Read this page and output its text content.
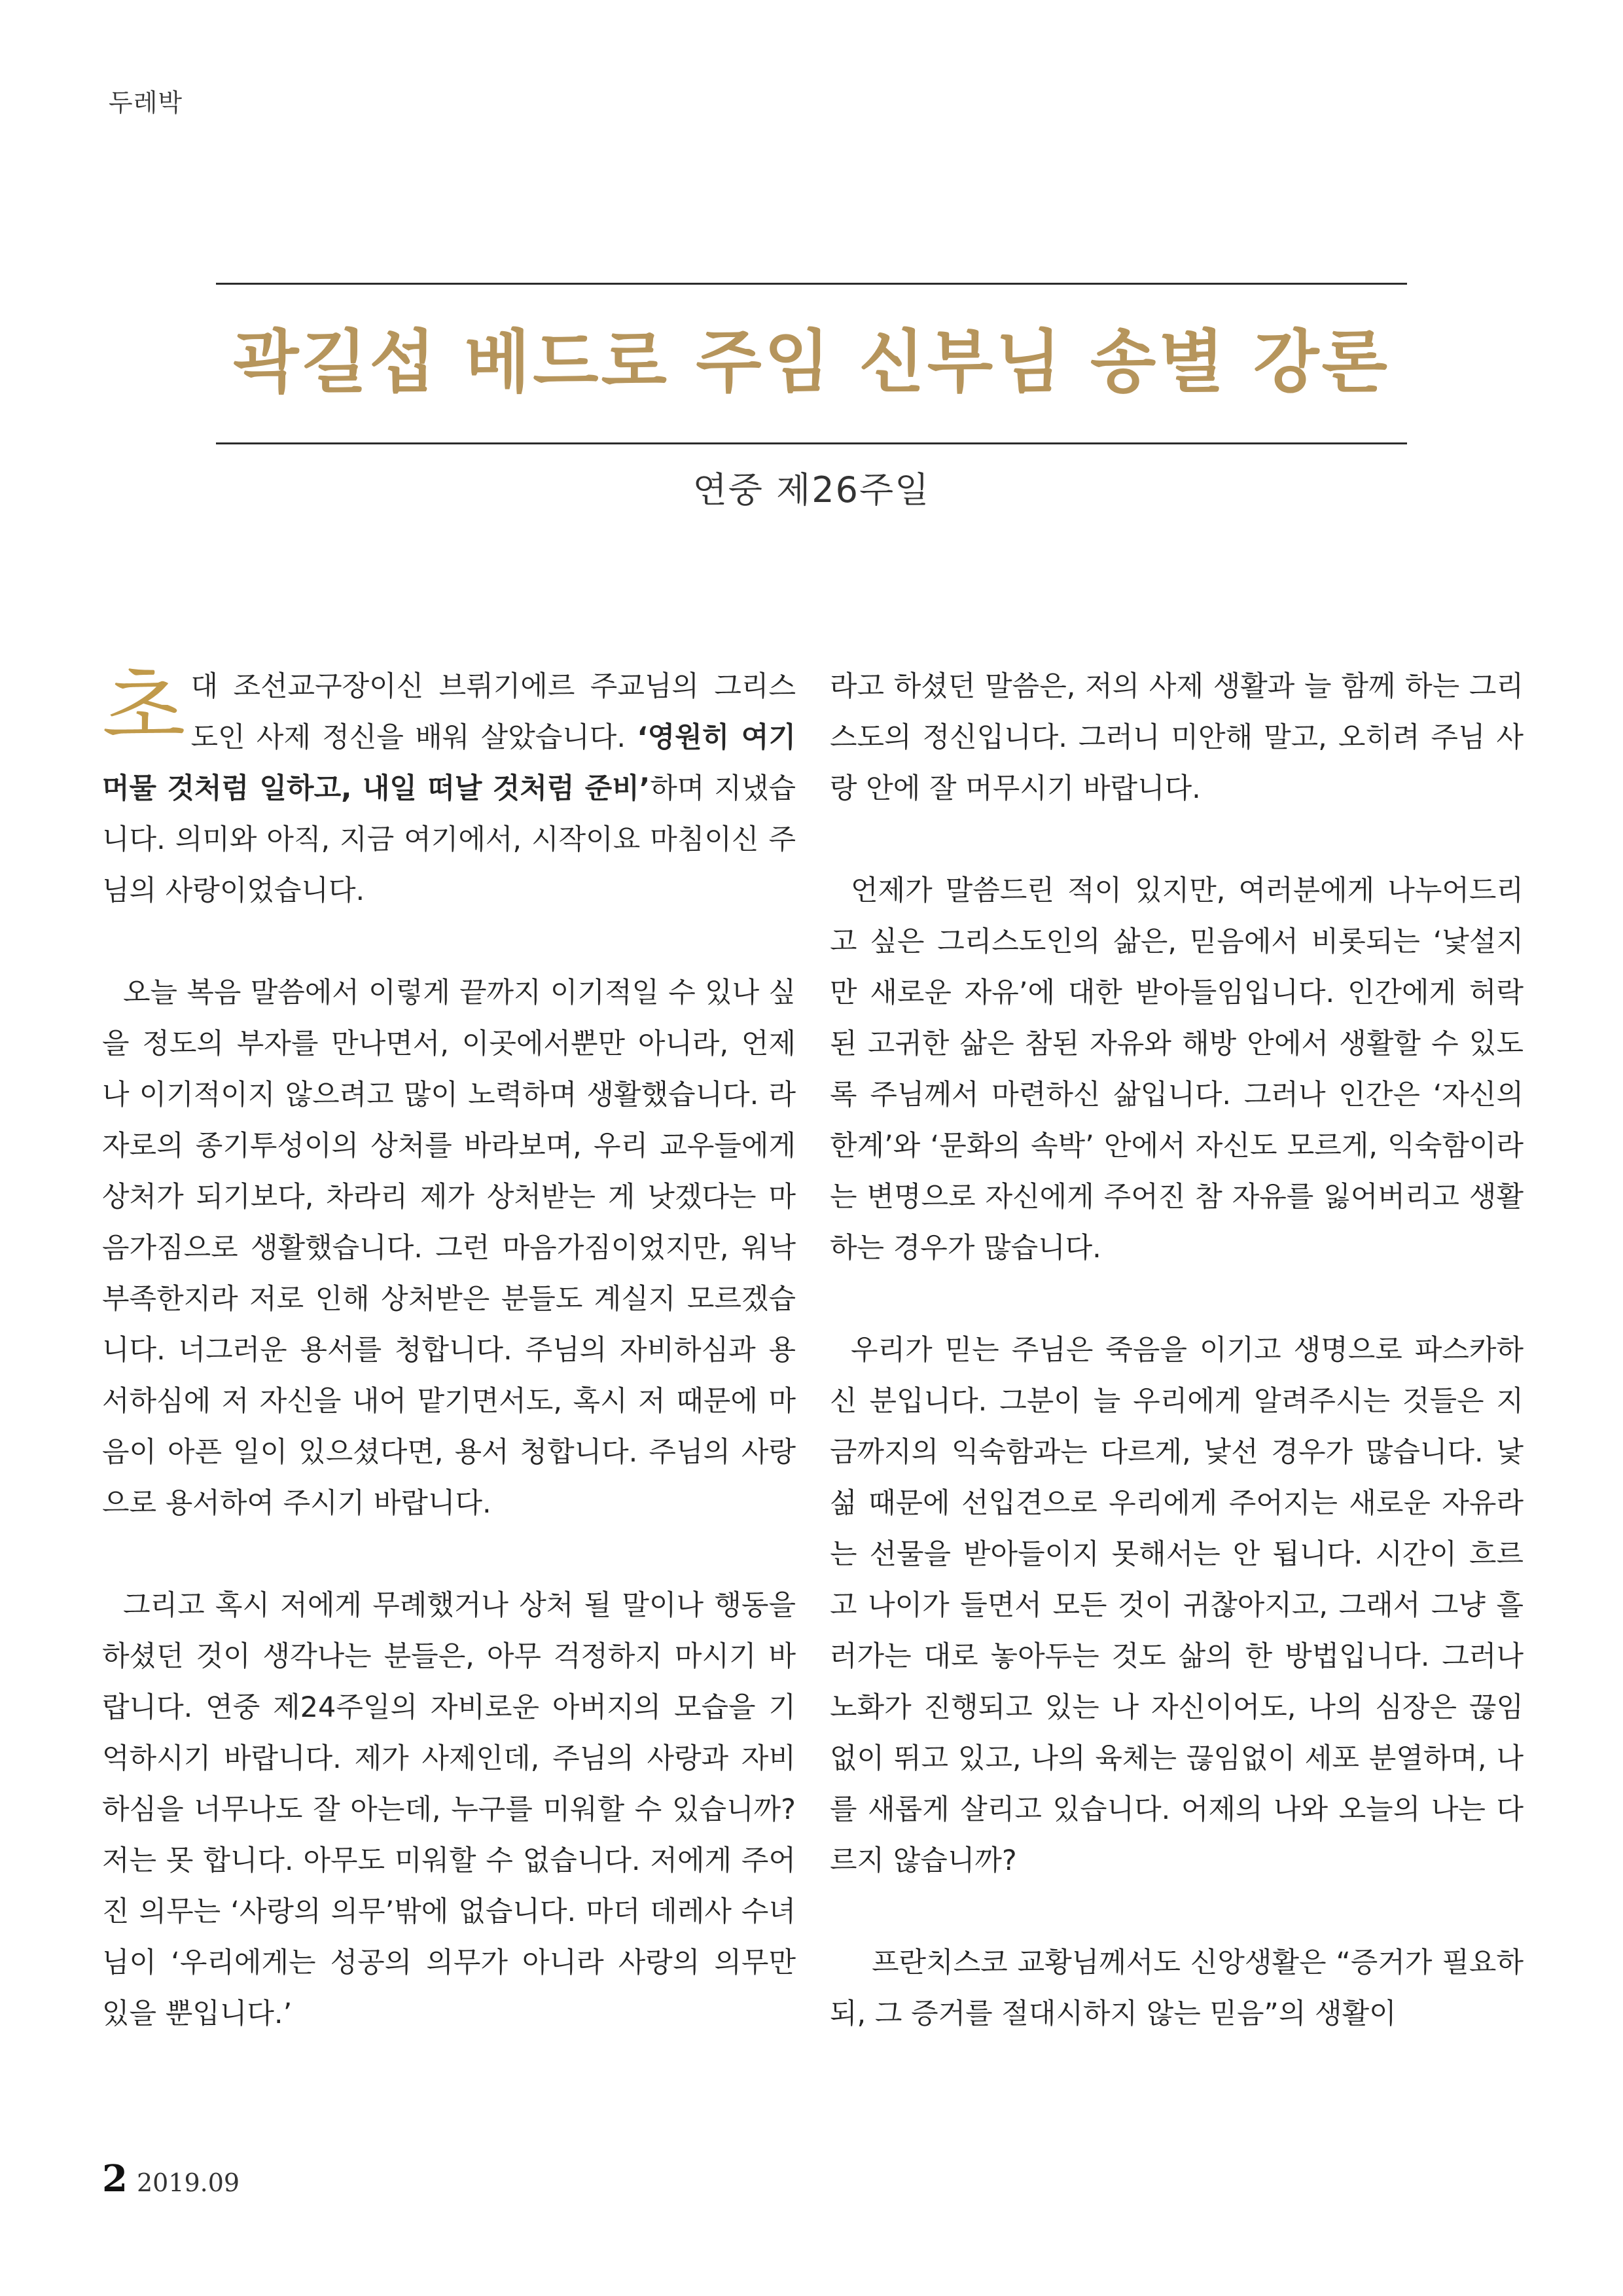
두레박
곽길섭 베드로 주임 신부님 송별 강론
연중 제26주일

초대 조선교구장이신 브뤼기에르 주교님의 그리스도인 사제 정신을 배워 살았습니다. ‘영원히 여기 머물 것처럼 일하고, 내일 떠날 것처럼 준비’하며 지냈습니다. 의미와 아직, 지금 여기에서, 시작이요 마침이신 주님의 사랑이었습니다.

오늘 복음 말씀에서 이렇게 끝까지 이기적일 수 있나 싶을 정도의 부자를 만나면서, 이곳에서뿐만 아니라, 언제나 이기적이지 않으려고 많이 노력하며 생활했습니다. 라자로의 종기투성이의 상처를 바라보며, 우리 교우들에게 상처가 되기보다, 차라리 제가 상처받는 게 낫겠다는 마음가짐으로 생활했습니다. 그런 마음가짐이었지만, 워낙 부족한지라 저로 인해 상처받은 분들도 계실지 모르겠습니다. 너그러운 용서를 청합니다. 주님의 자비하심과 용서하심에 저 자신을 내어 맡기면서도, 혹시 저 때문에 마음이 아픈 일이 있으셨다면, 용서 청합니다. 주님의 사랑으로 용서하여 주시기 바랍니다.

그리고 혹시 저에게 무례했거나 상처 될 말이나 행동을 하셨던 것이 생각나는 분들은, 아무 걱정하지 마시기 바랍니다. 연중 제24주일의 자비로운 아버지의 모습을 기억하시기 바랍니다. 제가 사제인데, 주님의 사랑과 자비하심을 너무나도 잘 아는데, 누구를 미워할 수 있습니까? 저는 못 합니다. 아무도 미워할 수 없습니다. 저에게 주어진 의무는 ‘사랑의 의무’밖에 없습니다. 마더 데레사 수녀님이 ‘우리에게는 성공의 의무가 아니라 사랑의 의무만 있을 뿐입니다.’

라고 하셨던 말씀은, 저의 사제 생활과 늘 함께 하는 그리스도의 정신입니다. 그러니 미안해 말고, 오히려 주님 사랑 안에 잘 머무시기 바랍니다.

언제가 말씀드린 적이 있지만, 여러분에게 나누어드리고 싶은 그리스도인의 삶은, 믿음에서 비롯되는 ‘낯설지만 새로운 자유’에 대한 받아들임입니다. 인간에게 허락된 고귀한 삶은 참된 자유와 해방 안에서 생활할 수 있도록 주님께서 마련하신 삶입니다. 그러나 인간은 ‘자신의 한계’와 ‘문화의 속박’ 안에서 자신도 모르게, 익숙함이라는 변명으로 자신에게 주어진 참 자유를 잃어버리고 생활하는 경우가 많습니다.

우리가 믿는 주님은 죽음을 이기고 생명으로 파스카하신 분입니다. 그분이 늘 우리에게 알려주시는 것들은 지금까지의 익숙함과는 다르게, 낯선 경우가 많습니다. 낯섦 때문에 선입견으로 우리에게 주어지는 새로운 자유라는 선물을 받아들이지 못해서는 안 됩니다. 시간이 흐르고 나이가 들면서 모든 것이 귀찮아지고, 그래서 그냥 흘러가는 대로 놓아두는 것도 삶의 한 방법입니다. 그러나 노화가 진행되고 있는 나 자신이어도, 나의 심장은 끊임없이 뛰고 있고, 나의 육체는 끊임없이 세포 분열하며, 나를 새롭게 살리고 있습니다. 어제의 나와 오늘의 나는 다르지 않습니까?

프란치스코 교황님께서도 신앙생활은 “증거가 필요하되, 그 증거를 절대시하지 않는 믿음”의 생활이

2 2019.09
